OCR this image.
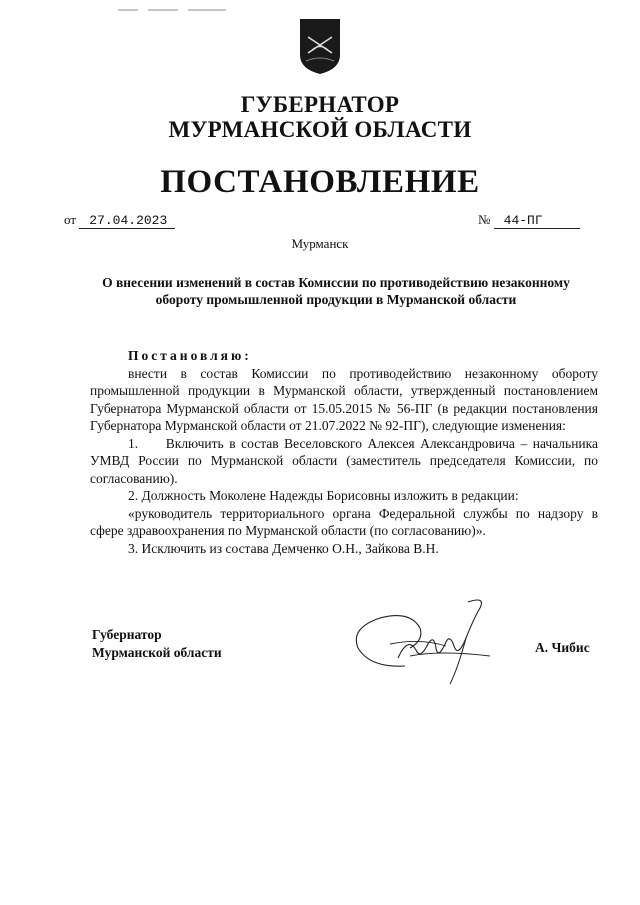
ГУБЕРНАТОР
МУРМАНСКОЙ ОБЛАСТИ
ПОСТАНОВЛЕНИЕ
от 27.04.2023	№ 44-ПГ
Мурманск
О внесении изменений в состав Комиссии по противодействию незаконному обороту промышленной продукции в Мурманской области

Постановляю:

внести в состав Комиссии по противодействию незаконному обороту промышленной продукции в Мурманской области, утвержденный постановлением Губернатора Мурманской области от 15.05.2015 № 56-ПГ (в редакции постановления Губернатора Мурманской области от 21.07.2022 № 92-ПГ), следующие изменения:

1.     Включить в состав Веселовского Алексея Александровича – начальника УМВД России по Мурманской области (заместитель председателя Комиссии, по согласованию).

2. Должность Моколене Надежды Борисовны изложить в редакции:

«руководитель территориального органа Федеральной службы по надзору в сфере здравоохранения по Мурманской области (по согласованию)».

3. Исключить из состава Демченко О.Н., Зайкова В.Н.

Губернатор
Мурманской области	А. Чибис
